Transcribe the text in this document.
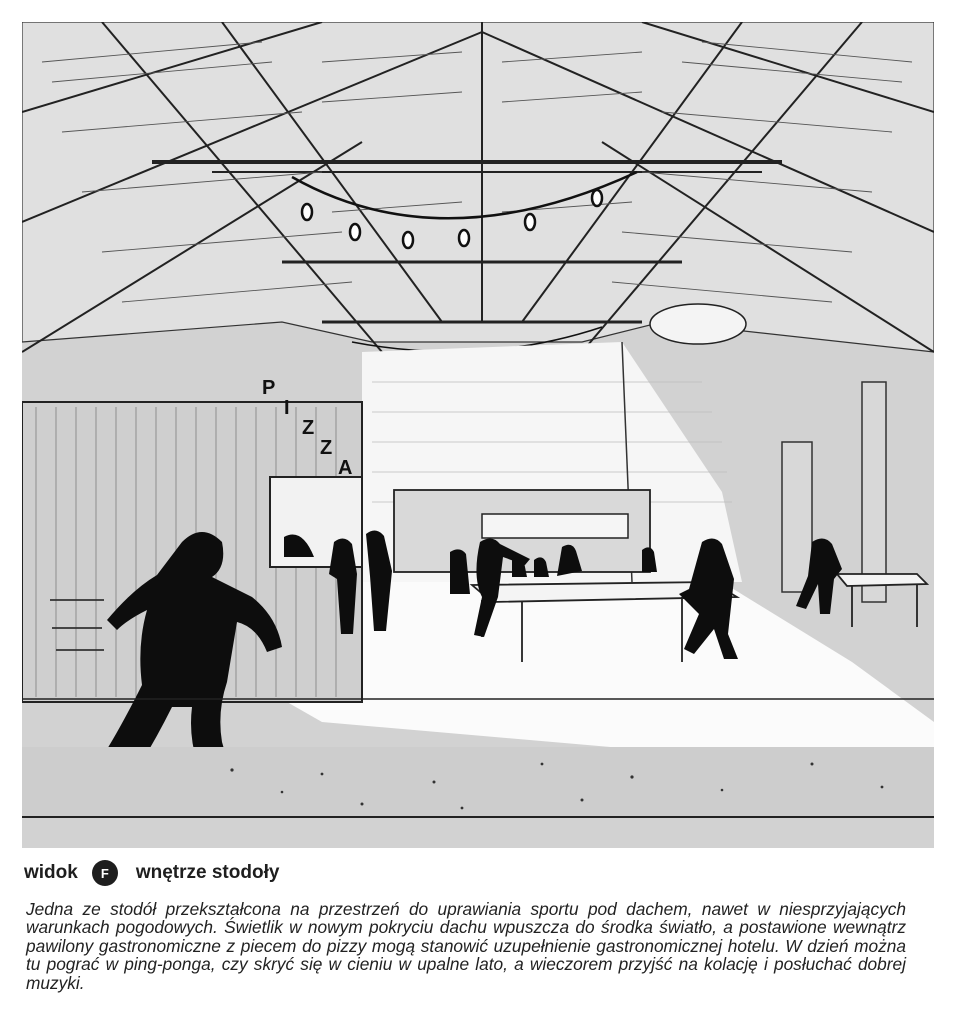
P
I
Z
Z
A
widok	F	wnętrze stodoły

Jedna ze stodół przekształcona na przestrzeń do uprawiania sportu pod dachem, nawet w niesprzyjających warunkach pogodowych. Świetlik w nowym pokryciu dachu wpuszcza do środka światło, a postawione wewnątrz pawilony gastronomiczne z piecem do pizzy mogą stanowić uzupełnienie gastronomicznej hotelu. W dzień można tu pograć w ping-ponga, czy skryć się w cieniu w upalne lato, a wieczorem przyjść na kolację i posłuchać dobrej muzyki.
